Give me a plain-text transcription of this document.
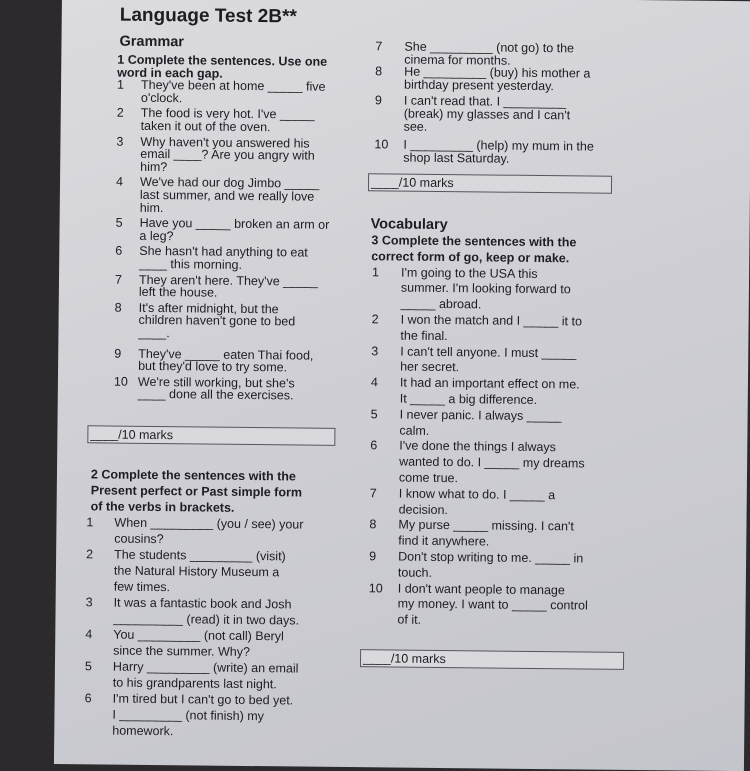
Language Test 2B**
Grammar
1 Complete the sentences. Use one
word in each gap.
1 They've been at home _____ five
o'clock.
2 The food is very hot. I've _____
taken it out of the oven.
3 Why haven't you answered his
email ____? Are you angry with
him?
4 We've had our dog Jimbo _____
last summer, and we really love
him.
5 Have you _____ broken an arm or
a leg?
6 She hasn't had anything to eat
____ this morning.
7 They aren't here. They've _____
left the house.
8 It's after midnight, but the
children haven't gone to bed
____.
9 They've _____ eaten Thai food,
but they'd love to try some.
10 We're still working, but she's
____ done all the exercises.
2 Complete the sentences with the
Present perfect or Past simple form
of the verbs in brackets.
1 When _________ (you / see) your
cousins?
2 The students _________ (visit)
the Natural History Museum a
few times.
3 It was a fantastic book and Josh
__________ (read) it in two days.
4 You _________ (not call) Beryl
since the summer. Why?
5 Harry _________ (write) an email
to his grandparents last night.
6 I'm tired but I can't go to bed yet.
I _________ (not finish) my
homework.
7 She _________ (not go) to the
cinema for months.
8 He _________ (buy) his mother a
birthday present yesterday.
9 I can't read that. I _________
(break) my glasses and I can't
see.
10 I _________ (help) my mum in the
shop last Saturday.
3 Complete the sentences with the
correct form of go, keep or make.
1 I'm going to the USA this
summer. I'm looking forward to
_____ abroad.
2 I won the match and I _____ it to
the final.
3 I can't tell anyone. I must _____
her secret.
4 It had an important effect on me.
It _____ a big difference.
5 I never panic. I always _____
calm.
6 I've done the things I always
wanted to do. I _____ my dreams
come true.
7 I know what to do. I _____ a
decision.
8 My purse _____ missing. I can't
find it anywhere.
9 Don't stop writing to me. _____ in
touch.
10 I don't want people to manage
my money. I want to _____ control
of it.
____/10 marks
____/10 marks
____/10 marks
Vocabulary
